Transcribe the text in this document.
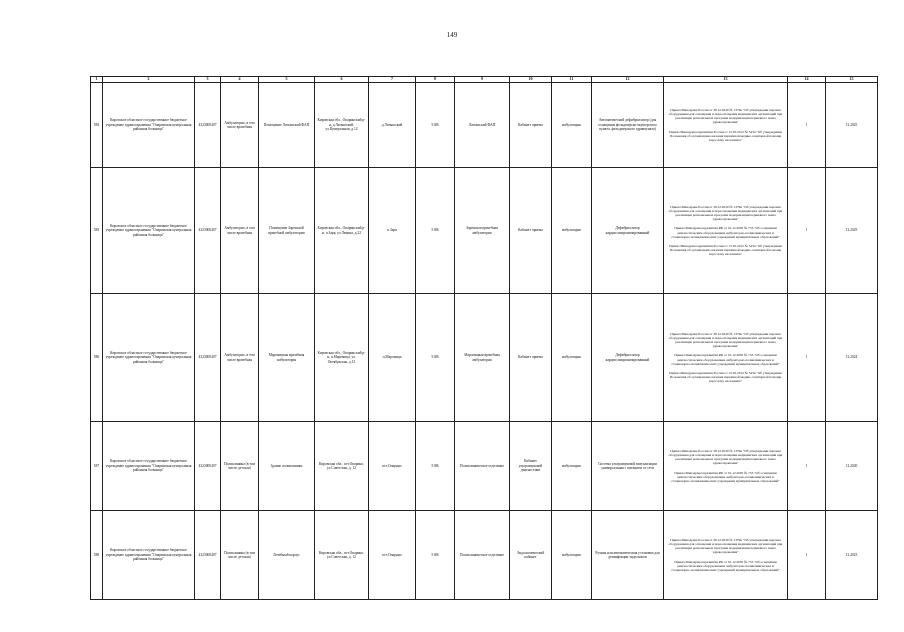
149
1	2	3	4	5	6	7	8	9	10	11	12	13	14	15
584	Кировское областное государственное бюджетное учреждение здравоохранения "Опаринская центральная районная больница"	4323000407	Амбулаторно, в том числе врачебная	Помещение Латышский ФАП	Кировская обл., Опаринский р-н, д.Латышский, ул.Центральная, д.12	д.Латышский	5186	Латышский ФАП	Кабинет приема	амбулаторно	Автоматический дефибриллятор (для оснащения фельдшерско-акушерского пункта, фельдшерского здравпункта)	Приказ Минздрава России от 28.12.2020 № 1379н "Об утверждении перечня оборудования для оснащения и переоснащения медицинских организаций при реализации региональных программ модернизации первичного звена здравоохранения"

Приказ Минздравсоцразвития России от 15.05.2012 № 543н "Об утверждении Положения об организации оказания первичной медико-санитарной помощи взрослому населению"	1	12.2025
585	Кировское областное государственное бюджетное учреждение здравоохранения "Опаринская центральная районная больница"	4323000407	Амбулаторно, в том числе врачебная	Помещение Заренской врачебной амбулатории	Кировская обл., Опаринский р-н, п.Заря, ул.Ленина, д.22	п.Заря	5186	Заренская врачебная амбулатория	Кабинет приема	амбулаторно	Дефибриллятор кардиосинхронизированный	Приказ Минздрава России от 28.12.2020 № 1379н "Об утверждении перечня оборудования для оснащения и переоснащения медицинских организаций при реализации региональных программ модернизации первичного звена здравоохранения"

Приказ Минздравсоцразвития РФ от 01.12.2005 № 753 "Об оснащении диагностическим оборудованием амбулаторно-поликлинических и стационарно-поликлинических учреждений муниципальных образований"

Приказ Минздравсоцразвития России от 15.05.2012 № 543н "Об утверждении Положения об организации оказания первичной медико-санитарной помощи взрослому населению"	1	12.2025
586	Кировское областное государственное бюджетное учреждение здравоохранения "Опаринская центральная районная больница"	4323000407	Амбулаторно, в том числе врачебная	Маромицкая врачебная амбулатория	Кировская обл., Опаринский р-н, п.Маромица, ул. Октябрьская, д.13	п.Маромица	5186	Маромицкая врачебная амбулатория	Кабинет приема	амбулаторно	Дефибриллятор кардиосинхронизированный	Приказ Минздрава России от 28.12.2020 № 1379н "Об утверждении перечня оборудования для оснащения и переоснащения медицинских организаций при реализации региональных программ модернизации первичного звена здравоохранения"

Приказ Минздравсоцразвития РФ от 01.12.2005 № 753 "Об оснащении диагностическим оборудованием амбулаторно-поликлинических и стационарно-поликлинических учреждений муниципальных образований"

Приказ Минздравсоцразвития России от 15.05.2012 № 543н "Об утверждении Положения об организации оказания первичной медико-санитарной помощи взрослому населению"	1	12.2024
587	Кировское областное государственное бюджетное учреждение здравоохранения "Опаринская центральная районная больница"	4323000407	Поликлиника (в том числе детская)	Здание поликлиники	Кировская обл., пгт.Опарино, ул.Советская, д. 12	пгт.Опарино	5186	Поликлиническое отделение	Кабинет ультразвуковой диагностики	амбулаторно	Система ультразвуковой визуализации универсальная с питанием от сети	Приказ Минздрава России от 28.12.2020 № 1379н "Об утверждении перечня оборудования для оснащения и переоснащения медицинских организаций при реализации региональных программ модернизации первичного звена здравоохранения"

Приказ Минздравсоцразвития РФ от 01.12.2005 № 753 "Об оснащении диагностическим оборудованием амбулаторно-поликлинических и стационарно-поликлинических учреждений муниципальных образований"	1	12.2020
588	Кировское областное государственное бюджетное учреждение здравоохранения "Опаринская центральная районная больница"	4323000407	Поликлиника (в том числе детская)	Лечебный корпус	Кировская обл., пгт.Опарино, ул.Советская, д. 12	пгт.Опарино	5186	Поликлиническое отделение	Эндоскопический кабинет	амбулаторно	Ручная или автоматическая установка для дезинфекции эндоскопов	Приказ Минздрава России от 28.12.2020 № 1379н "Об утверждении перечня оборудования для оснащения и переоснащения медицинских организаций при реализации региональных программ модернизации первичного звена здравоохранения"

Приказ Минздравсоцразвития РФ от 01.12.2005 № 753 "Об оснащении диагностическим оборудованием амбулаторно-поликлинических и стационарно-поликлинических учреждений муниципальных образований"	1	12.2023
